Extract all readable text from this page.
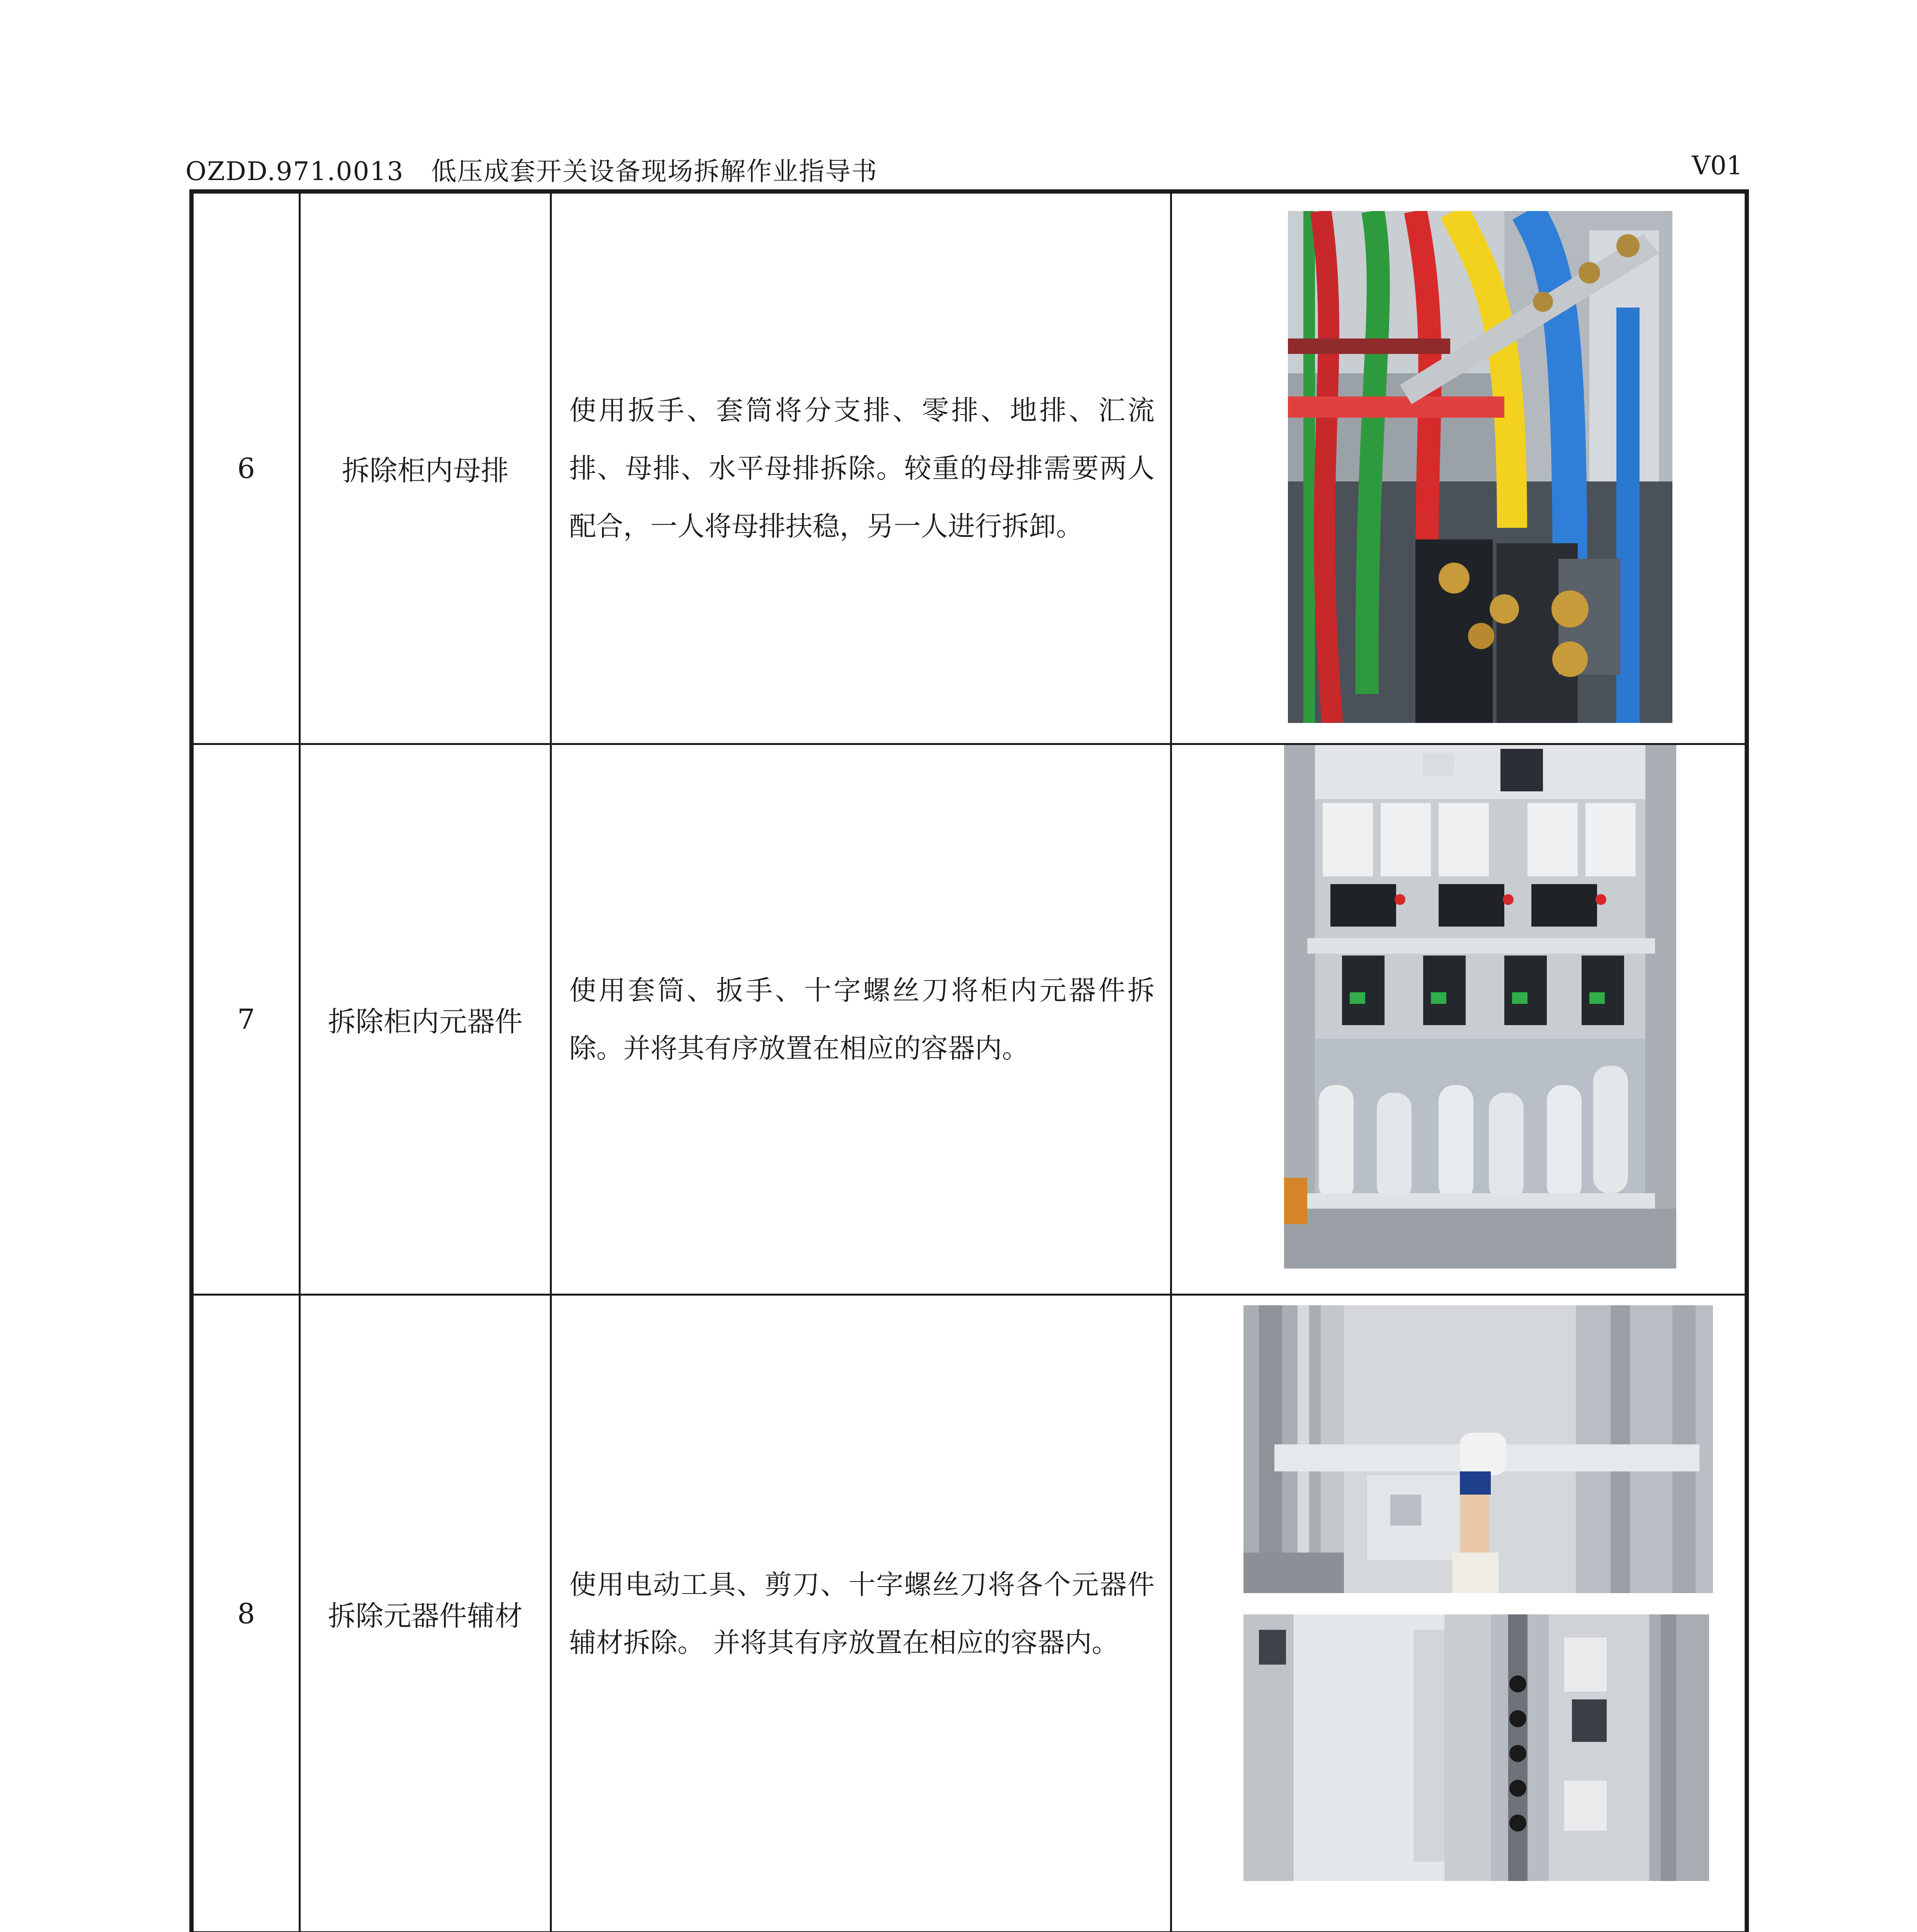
OZDD.971.0013 低压成套开关设备现场拆解作业指导书	V01
6	拆除柜内母排	使用扳手、套筒将分支排、零排、地排、汇流排、母排、水平母排拆除。较重的母排需要两人配合，一人将母排扶稳，另一人进行拆卸。	

7	拆除柜内元器件	使用套筒、扳手、十字螺丝刀将柜内元器件拆除。并将其有序放置在相应的容器内。	

8	拆除元器件辅材	使用电动工具、剪刀、十字螺丝刀将各个元器件辅材拆除。 并将其有序放置在相应的容器内。	
